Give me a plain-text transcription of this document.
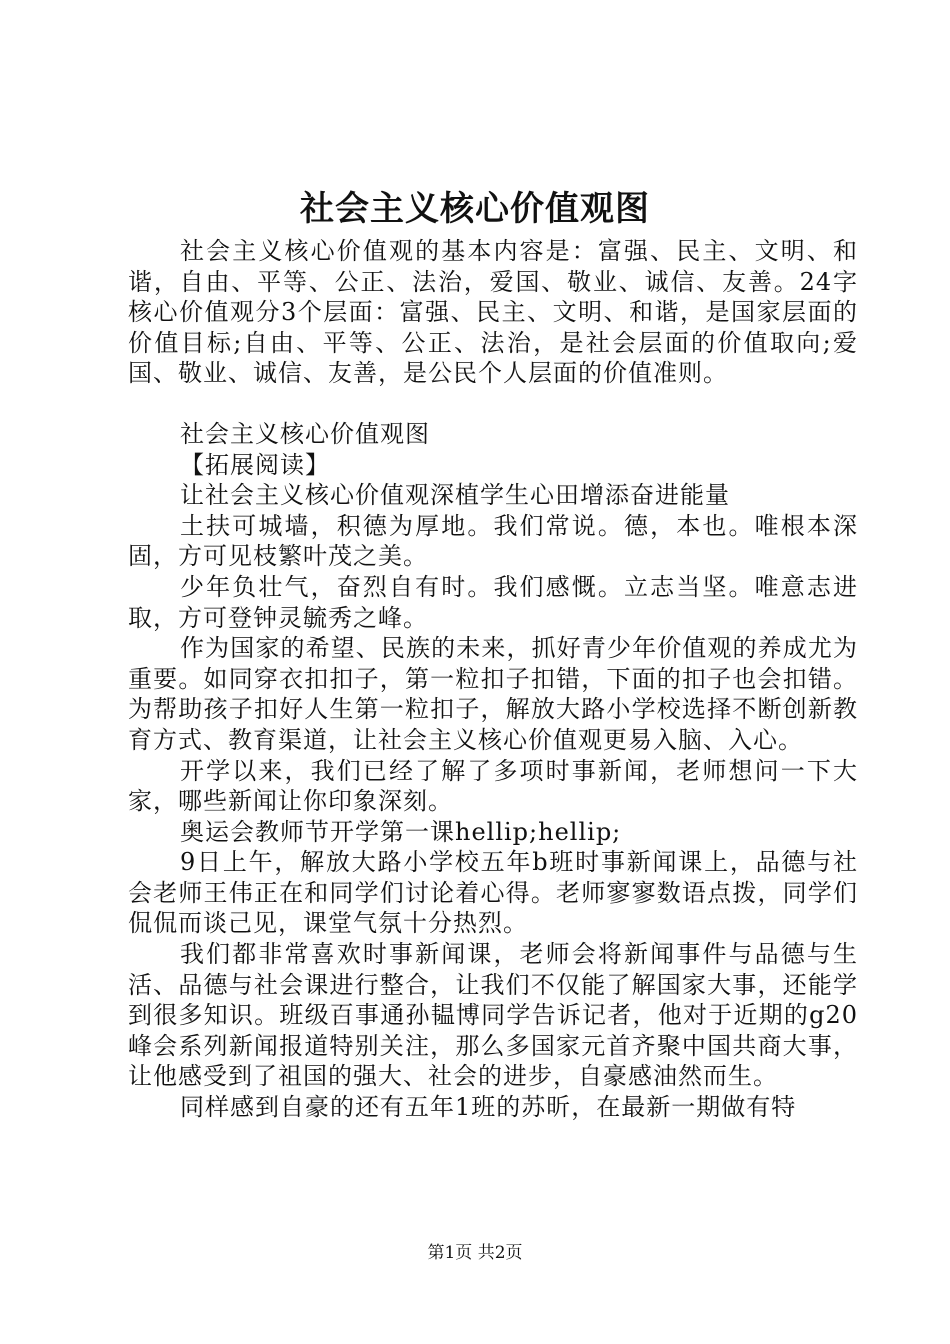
社会主义核心价值观图

社会主义核心价值观的基本内容是：富强、民主、文明、和谐，自由、平等、公正、法治，爱国、敬业、诚信、友善。24字核心价值观分3个层面：富强、民主、文明、和谐，是国家层面的价值目标;自由、平等、公正、法治，是社会层面的价值取向;爱国、敬业、诚信、友善，是公民个人层面的价值准则。

社会主义核心价值观图

【拓展阅读】

让社会主义核心价值观深植学生心田增添奋进能量

土扶可城墙，积德为厚地。我们常说。德，本也。唯根本深固，方可见枝繁叶茂之美。

少年负壮气，奋烈自有时。我们感慨。立志当坚。唯意志进取，方可登钟灵毓秀之峰。

作为国家的希望、民族的未来，抓好青少年价值观的养成尤为重要。如同穿衣扣扣子，第一粒扣子扣错，下面的扣子也会扣错。为帮助孩子扣好人生第一粒扣子，解放大路小学校选择不断创新教育方式、教育渠道，让社会主义核心价值观更易入脑、入心。

开学以来，我们已经了解了多项时事新闻，老师想问一下大家，哪些新闻让你印象深刻。

奥运会教师节开学第一课hellip;hellip;

9日上午，解放大路小学校五年b班时事新闻课上，品德与社会老师王伟正在和同学们讨论着心得。老师寥寥数语点拨，同学们侃侃而谈己见，课堂气氛十分热烈。

我们都非常喜欢时事新闻课，老师会将新闻事件与品德与生活、品德与社会课进行整合，让我们不仅能了解国家大事，还能学到很多知识。班级百事通孙韫博同学告诉记者，他对于近期的g20峰会系列新闻报道特别关注，那么多国家元首齐聚中国共商大事，让他感受到了祖国的强大、社会的进步，自豪感油然而生。

同样感到自豪的还有五年1班的苏昕，在最新一期做有特

第1页 共2页
